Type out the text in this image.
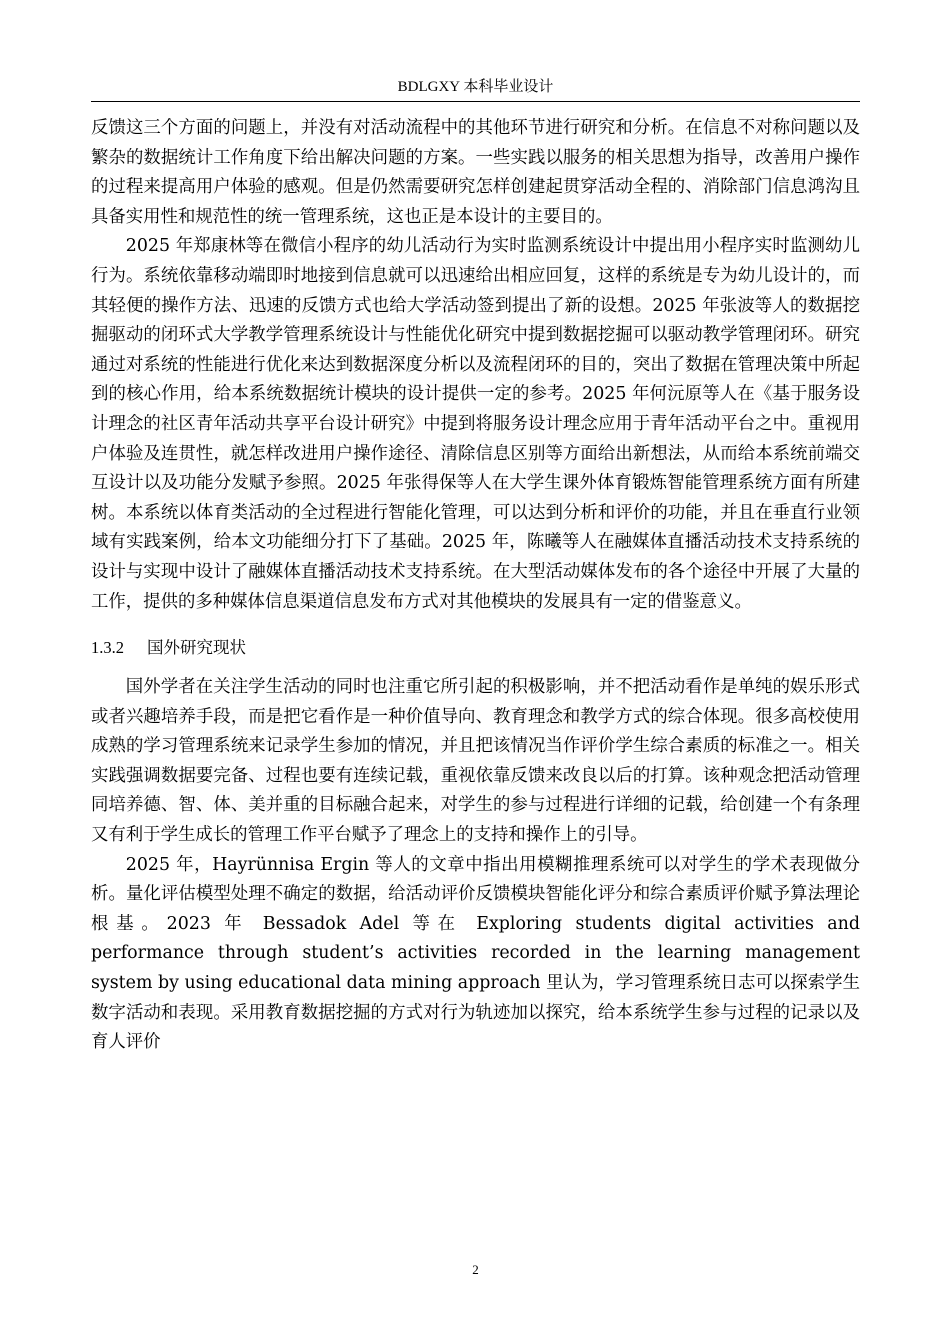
BDLGXY 本科毕业设计

反馈这三个方面的问题上，并没有对活动流程中的其他环节进行研究和分析。在信息不对称问题以及繁杂的数据统计工作角度下给出解决问题的方案。一些实践以服务的相关思想为指导，改善用户操作的过程来提高用户体验的感观。但是仍然需要研究怎样创建起贯穿活动全程的、消除部门信息鸿沟且具备实用性和规范性的统一管理系统，这也正是本设计的主要目的。

2025 年郑康林等在微信小程序的幼儿活动行为实时监测系统设计中提出用小程序实时监测幼儿行为。系统依靠移动端即时地接到信息就可以迅速给出相应回复，这样的系统是专为幼儿设计的，而其轻便的操作方法、迅速的反馈方式也给大学活动签到提出了新的设想。2025 年张波等人的数据挖掘驱动的闭环式大学教学管理系统设计与性能优化研究中提到数据挖掘可以驱动教学管理闭环。研究通过对系统的性能进行优化来达到数据深度分析以及流程闭环的目的，突出了数据在管理决策中所起到的核心作用，给本系统数据统计模块的设计提供一定的参考。2025 年何沅原等人在《基于服务设计理念的社区青年活动共享平台设计研究》中提到将服务设计理念应用于青年活动平台之中。重视用户体验及连贯性，就怎样改进用户操作途径、清除信息区别等方面给出新想法，从而给本系统前端交互设计以及功能分发赋予参照。2025 年张得保等人在大学生课外体育锻炼智能管理系统方面有所建树。本系统以体育类活动的全过程进行智能化管理，可以达到分析和评价的功能，并且在垂直行业领域有实践案例，给本文功能细分打下了基础。2025 年，陈曦等人在融媒体直播活动技术支持系统的设计与实现中设计了融媒体直播活动技术支持系统。在大型活动媒体发布的各个途径中开展了大量的工作，提供的多种媒体信息渠道信息发布方式对其他模块的发展具有一定的借鉴意义。

1.3.2	国外研究现状

国外学者在关注学生活动的同时也注重它所引起的积极影响，并不把活动看作是单纯的娱乐形式或者兴趣培养手段，而是把它看作是一种价值导向、教育理念和教学方式的综合体现。很多高校使用成熟的学习管理系统来记录学生参加的情况，并且把该情况当作评价学生综合素质的标准之一。相关实践强调数据要完备、过程也要有连续记载，重视依靠反馈来改良以后的打算。该种观念把活动管理同培养德、智、体、美并重的目标融合起来，对学生的参与过程进行详细的记载，给创建一个有条理又有利于学生成长的管理工作平台赋予了理念上的支持和操作上的引导。

2025 年，Hayrünnisa Ergin 等人的文章中指出用模糊推理系统可以对学生的学术表现做分析。量化评估模型处理不确定的数据，给活动评价反馈模块智能化评分和综合素质评价赋予算法理论根基。2023 年 Bessadok Adel 等在 Exploring students digital activities and performance through student’s activities recorded in the learning management system by using educational data mining approach 里认为，学习管理系统日志可以探索学生数字活动和表现。采用教育数据挖掘的方式对行为轨迹加以探究，给本系统学生参与过程的记录以及育人评价

2
